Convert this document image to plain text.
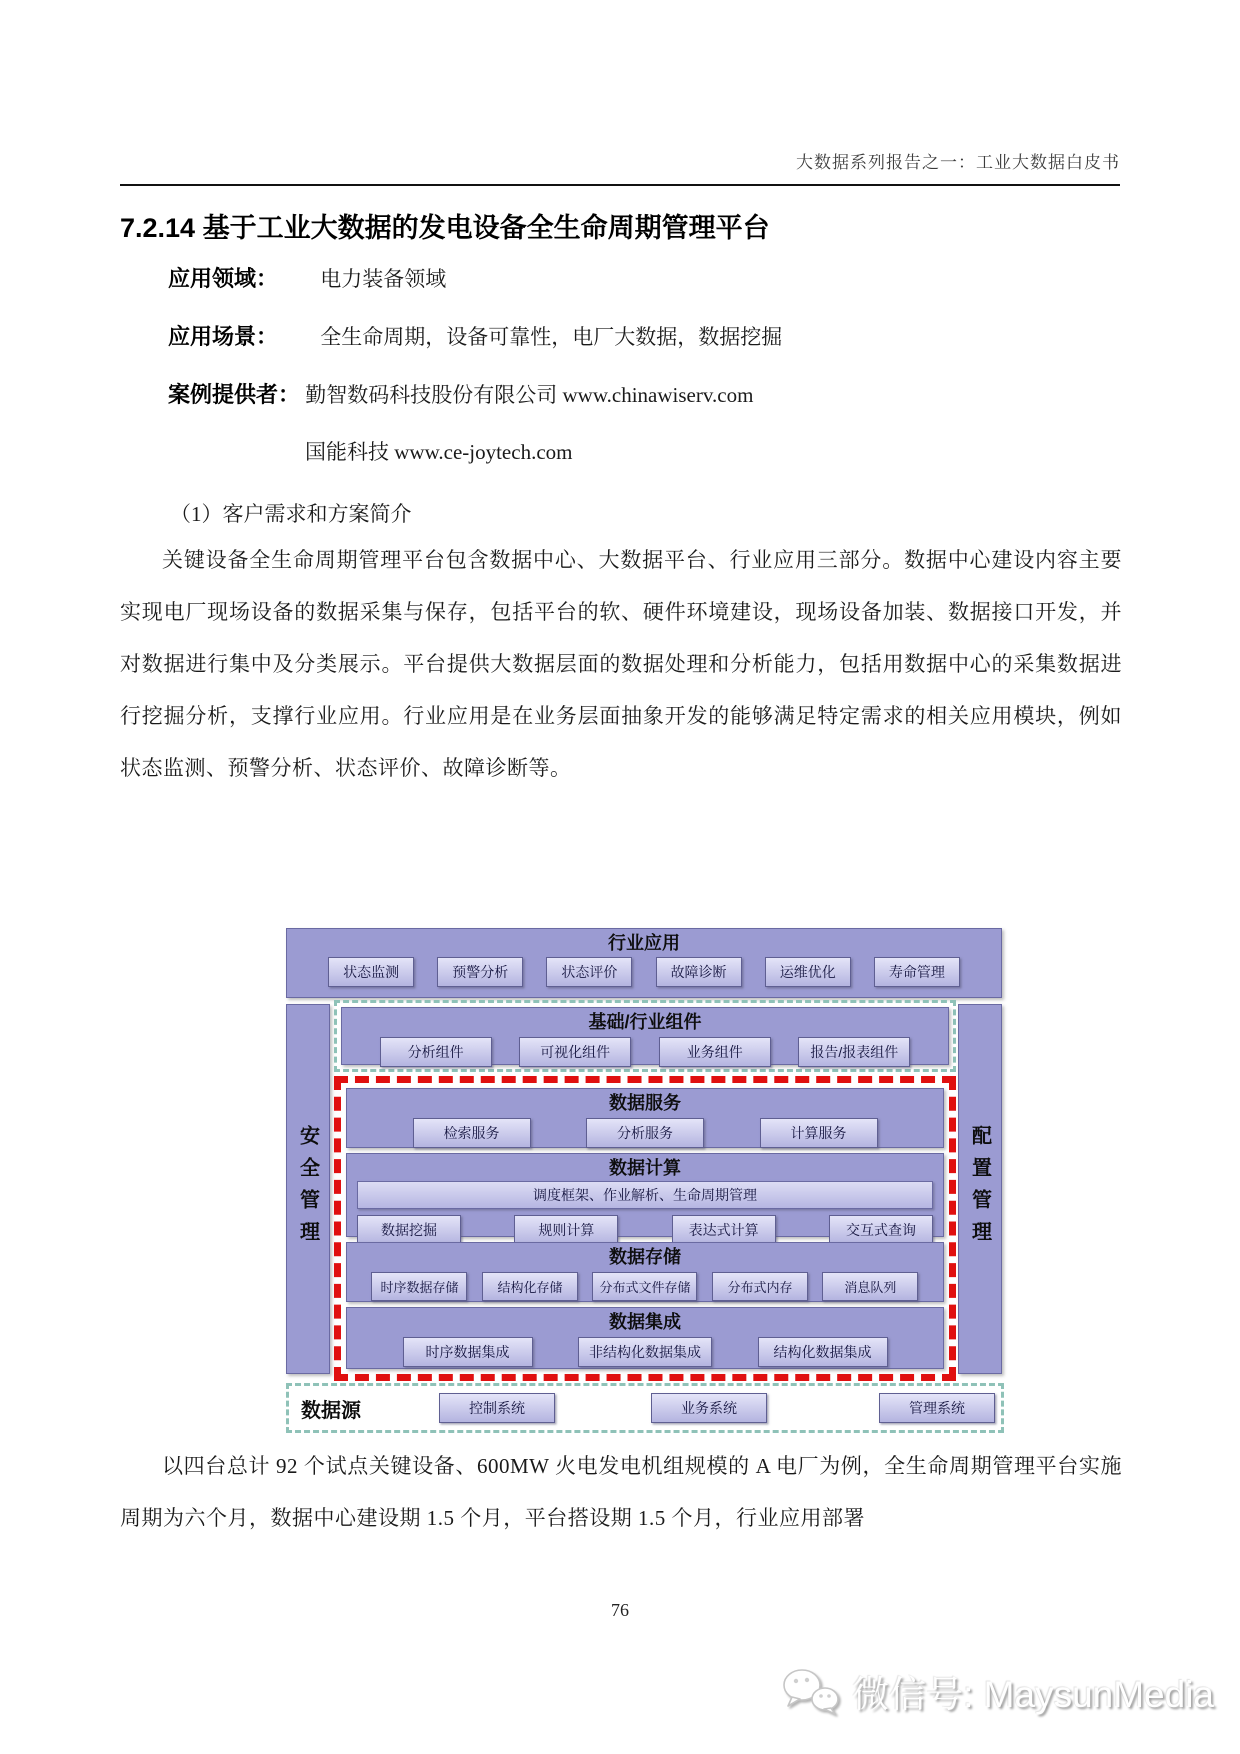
大数据系列报告之一：工业大数据白皮书
7.2.14 基于工业大数据的发电设备全生命周期管理平台
应用领域： 电力装备领域
应用场景： 全生命周期，设备可靠性，电厂大数据，数据挖掘
案例提供者： 勤智数码科技股份有限公司 www.chinawiserv.com
国能科技 www.ce-joytech.com
（1）客户需求和方案简介

关键设备全生命周期管理平台包含数据中心、大数据平台、行业应用三部分。数据中心建设内容主要实现电厂现场设备的数据采集与保存，包括平台的软、硬件环境建设，现场设备加装、数据接口开发，并对数据进行集中及分类展示。平台提供大数据层面的数据处理和分析能力，包括用数据中心的采集数据进行挖掘分析，支撑行业应用。行业应用是在业务层面抽象开发的能够满足特定需求的相关应用模块，例如状态监测、预警分析、状态评价、故障诊断等。

行业应用
状态监测	预警分析	状态评价	故障诊断	运维优化	寿命管理
安全管理	配置管理
基础/行业组件
分析组件	可视化组件	业务组件	报告/报表组件
数据服务
检索服务	分析服务	计算服务
数据计算
调度框架、作业解析、生命周期管理
数据挖掘	规则计算	表达式计算	交互式查询
数据存储
时序数据存储	结构化存储	分布式文件存储	分布式内存	消息队列
数据集成
时序数据集成	非结构化数据集成	结构化数据集成
数据源	控制系统	业务系统	管理系统

以四台总计 92 个试点关键设备、600MW 火电发电机组规模的 A 电厂为例，全生命周期管理平台实施周期为六个月，数据中心建设期 1.5 个月，平台搭设期 1.5 个月，行业应用部署

76
微信号: MaysunMedia
